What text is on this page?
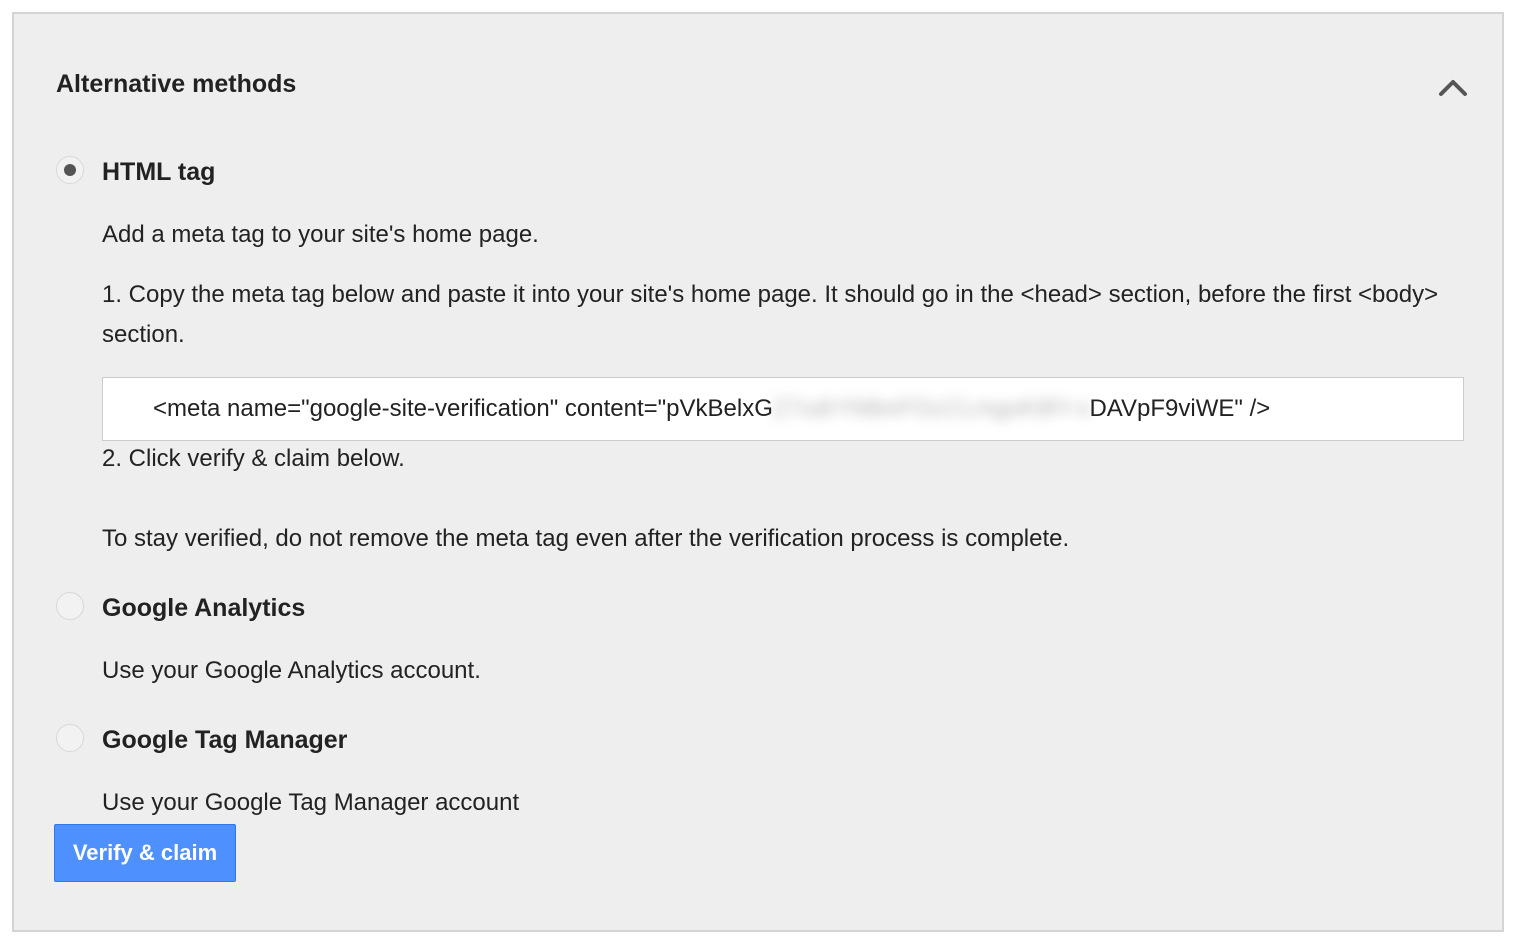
Alternative methods
HTML tag
Add a meta tag to your site's home page.
1. Copy the meta tag below and paste it into your site's home page. It should go in the <head> section, before the first <body> section.
<meta name="google-site-verification" content="pVkBelxGZ7udrYMbnFGcCLmgoK8lY-sDAVpF9viWE" />
2. Click verify & claim below.
To stay verified, do not remove the meta tag even after the verification process is complete.
Google Analytics
Use your Google Analytics account.
Google Tag Manager
Use your Google Tag Manager account
Verify & claim
